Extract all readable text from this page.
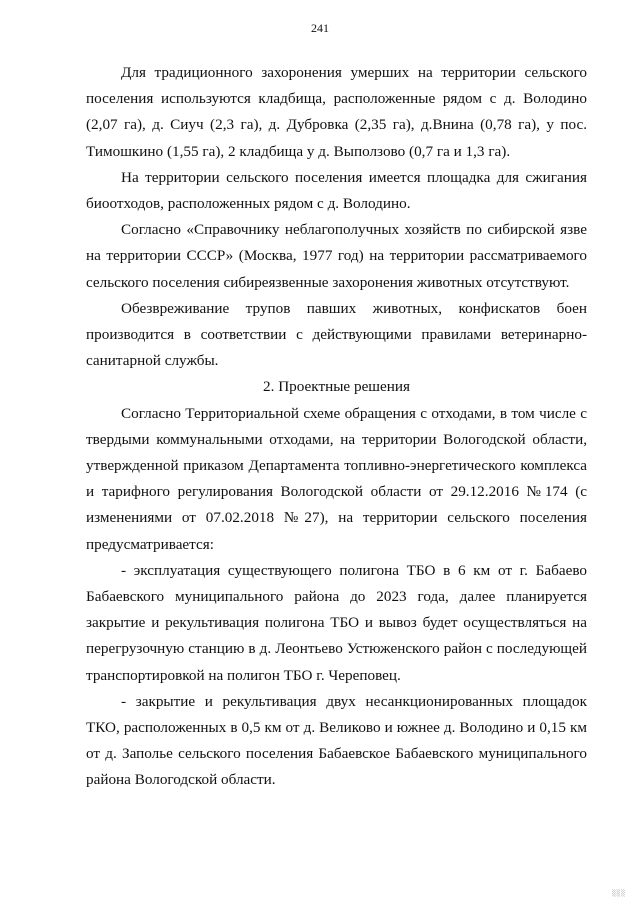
241

Для традиционного захоронения умерших на территории сельского поселения используются кладбища, расположенные рядом с д. Володино (2,07 га), д. Сиуч (2,3 га), д. Дубровка (2,35 га), д.Внина (0,78 га), у пос. Тимошкино (1,55 га), 2 кладбища у д. Выползово (0,7 га и 1,3 га).

На территории сельского поселения имеется площадка для сжигания биоотходов, расположенных рядом с д. Володино.

Согласно «Справочнику неблагополучных хозяйств по сибирской язве на территории СССР» (Москва, 1977 год) на территории рассматриваемого сельского поселения сибиреязвенные захоронения животных отсутствуют.

Обезвреживание трупов павших животных, конфискатов боен производится в соответствии с действующими правилами ветеринарно-санитарной службы.

2. Проектные решения

Согласно Территориальной схеме обращения с отходами, в том числе с твердыми коммунальными отходами, на территории Вологодской области, утвержденной приказом Департамента топливно-энергетического комплекса и тарифного регулирования Вологодской области от 29.12.2016 №174 (с изменениями от 07.02.2018 №27), на территории сельского поселения предусматривается:

- эксплуатация существующего полигона ТБО в 6 км от г. Бабаево Бабаевского муниципального района до 2023 года, далее планируется закрытие и рекультивация полигона ТБО и вывоз будет осуществляться на перегрузочную станцию в д. Леонтьево Устюженского район с последующей транспортировкой на полигон ТБО г. Череповец.

- закрытие и рекультивация двух несанкционированных площадок ТКО, расположенных в 0,5 км от д. Великово и южнее д. Володино и 0,15 км от д. Заполье сельского поселения Бабаевское Бабаевского муниципального района Вологодской области.

░░░
